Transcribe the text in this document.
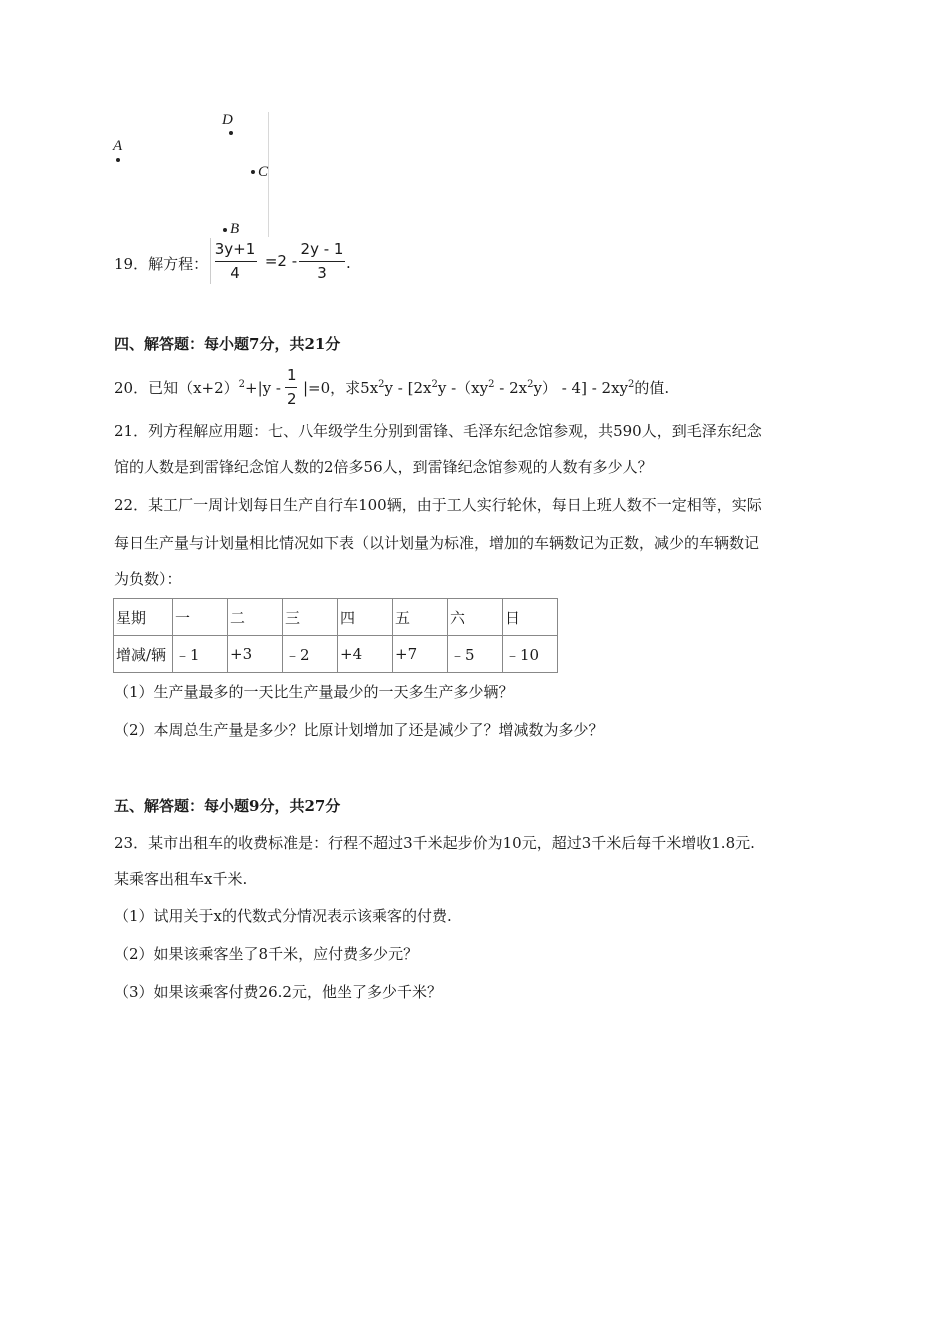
A
D
C
B
19．解方程：
3y+1
4
=2 -
2y - 1
3
.
四、解答题：每小题7分，共21分
20．已知$(x+2)^2+|y - \frac{1}{2} |=0$，求$5x^2y - [2x^2y$ $-(xy^2 - 2x^2y) - 4] - 2xy^2$的值.
21．列方程解应用题：七、八年级学生分别到雷锋、毛泽东纪念馆参观，共590人，到毛泽东纪念
馆的人数是到雷锋纪念馆人数的2倍多56人，到雷锋纪念馆参观的人数有多少人？
22．某工厂一周计划每日生产自行车100辆，由于工人实行轮休，每日上班人数不一定相等，实际
每日生产量与计划量相比情况如下表（以计划量为标准，增加的车辆数记为正数，减少的车辆数记
为负数）：
星期	一	二	三	四	五	六	日
增减/辆	﹣1	+3	﹣2	+4	+7	﹣5	﹣10
（1）生产量最多的一天比生产量最少的一天多生产多少辆？
（2）本周总生产量是多少？比原计划增加了还是减少了？增减数为多少？
五、解答题：每小题9分，共27分
23．某市出租车的收费标准是：行程不超过3千米起步价为10元，超过3千米后每千米增收1.8元.
某乘客出租车x千米.
（1）试用关于x的代数式分情况表示该乘客的付费.
（2）如果该乘客坐了8千米，应付费多少元？
（3）如果该乘客付费26.2元，他坐了多少千米？
